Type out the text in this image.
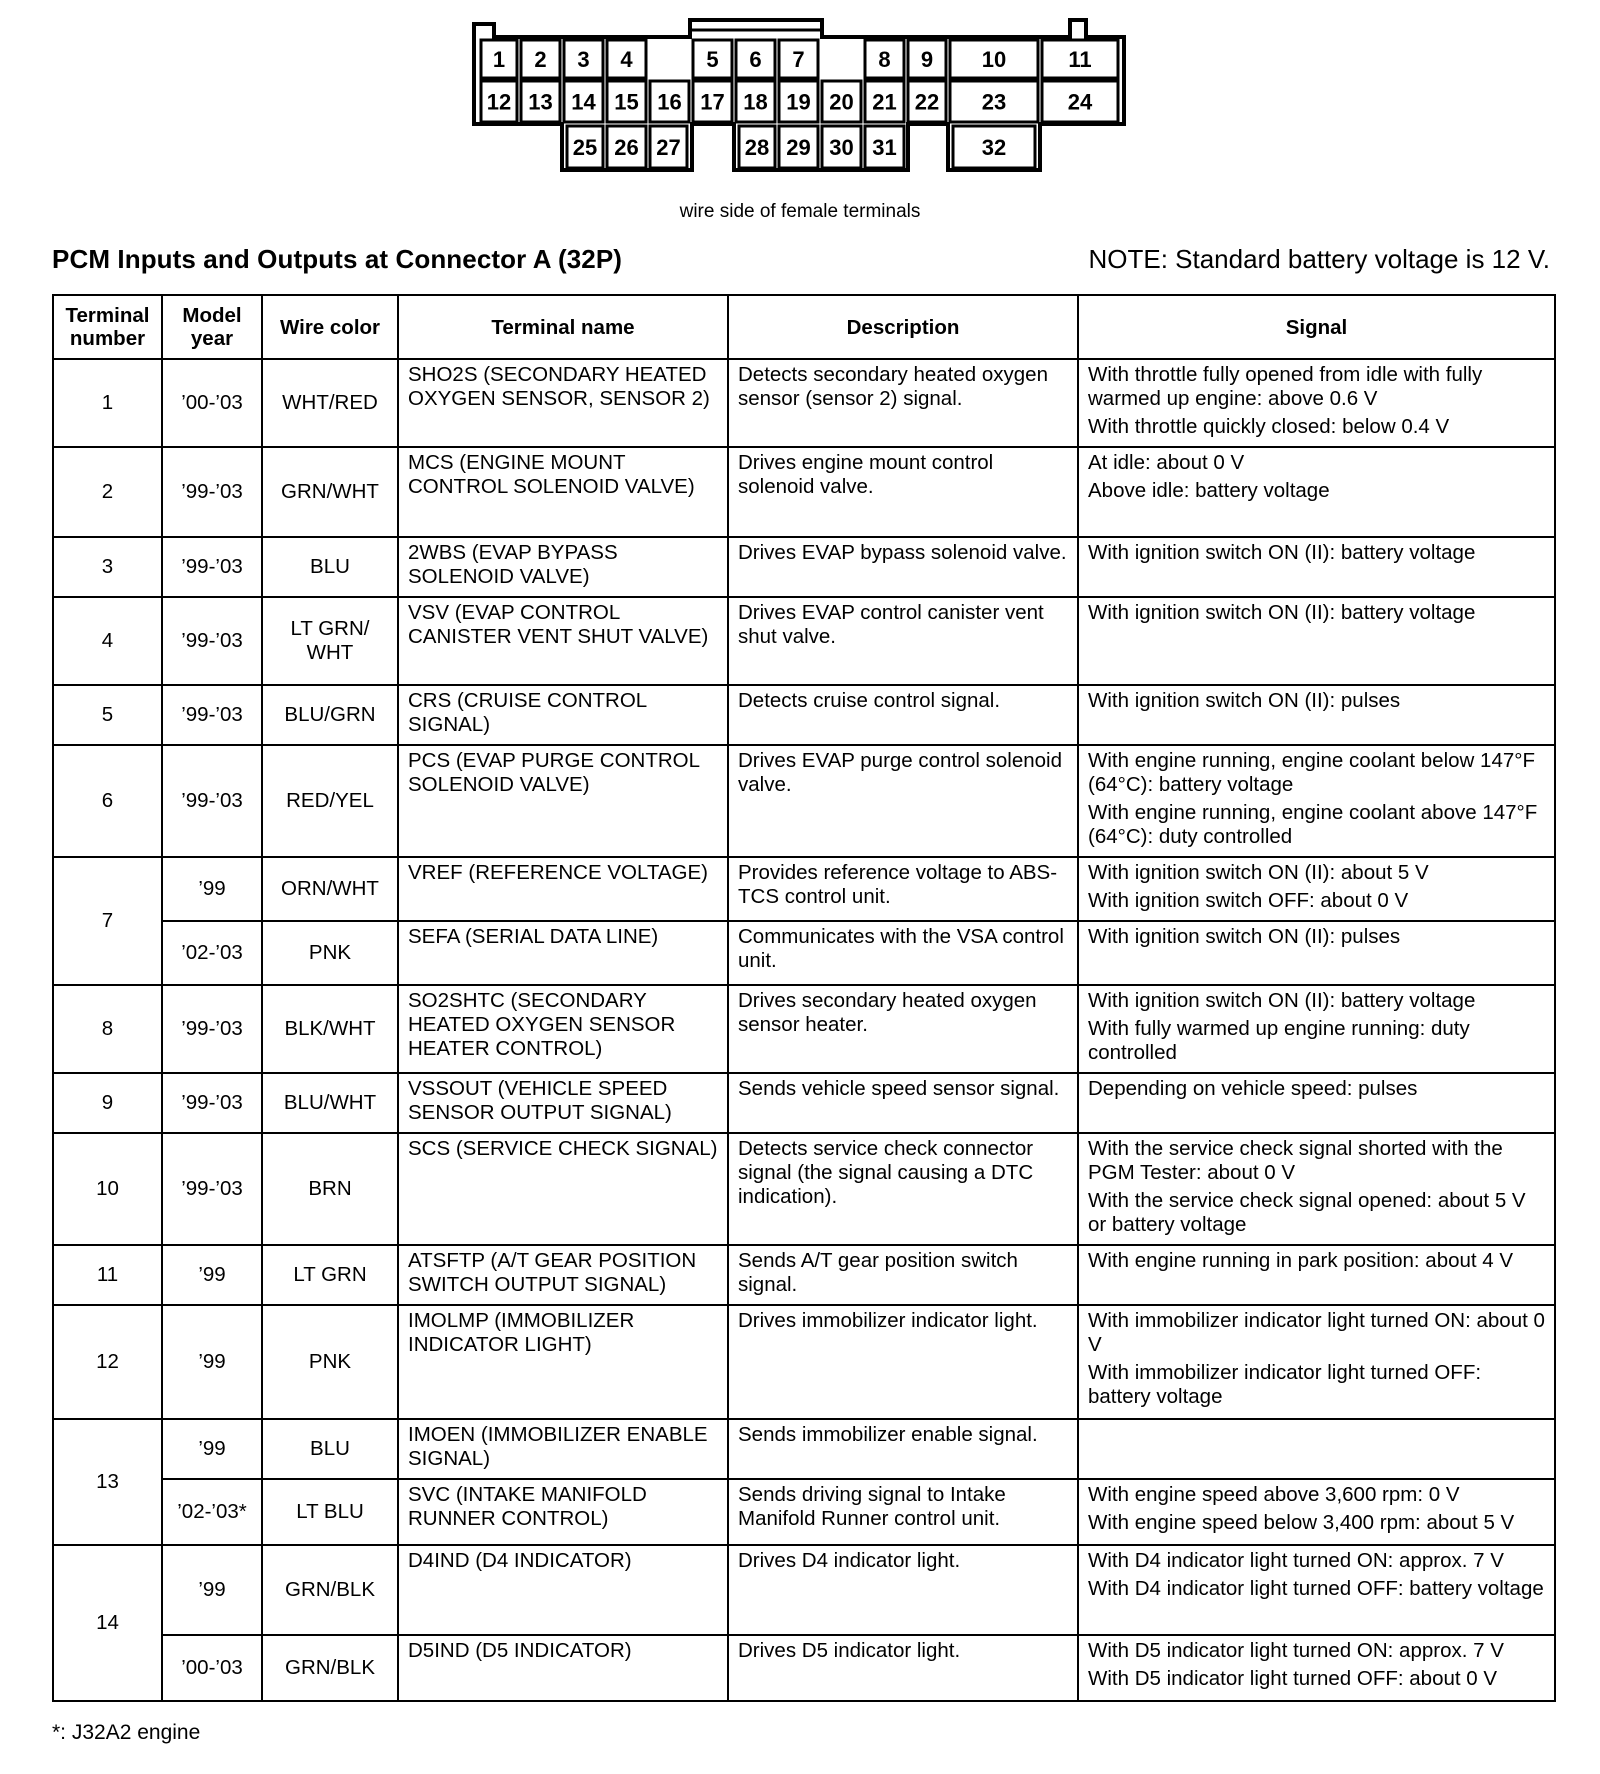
1 2 3 4	5 6 7	8 9 10	11
12 13 14 15 16 17 18 19 20 21 22 23	24
25 26 27	28 29 30 31	32
wire side of female terminals
PCM Inputs and Outputs at Connector A (32P)	NOTE: Standard battery voltage is 12 V.
Terminal number	Model year	Wire color	Terminal name	Description	Signal
1	’00-’03	WHT/RED	SHO2S (SECONDARY HEATED OXYGEN SENSOR, SENSOR 2)	Detects secondary heated oxygen sensor (sensor 2) signal.	With throttle fully opened from idle with fully warmed up engine: above 0.6 V
With throttle quickly closed: below 0.4 V

2	’99-’03	GRN/WHT	MCS (ENGINE MOUNT CONTROL SOLENOID VALVE)	Drives engine mount control solenoid valve.	At idle: about 0 V
Above idle: battery voltage

3	’99-’03	BLU	2WBS (EVAP BYPASS SOLENOID VALVE)	Drives EVAP bypass solenoid valve.	With ignition switch ON (II): battery voltage

4	’99-’03	LT GRN/ WHT	VSV (EVAP CONTROL CANISTER VENT SHUT VALVE)	Drives EVAP control canister vent shut valve.	With ignition switch ON (II): battery voltage

5	’99-’03	BLU/GRN	CRS (CRUISE CONTROL SIGNAL)	Detects cruise control signal.	With ignition switch ON (II): pulses

6	’99-’03	RED/YEL	PCS (EVAP PURGE CONTROL SOLENOID VALVE)	Drives EVAP purge control solenoid valve.	With engine running, engine coolant below 147°F (64°C): battery voltage
With engine running, engine coolant above 147°F (64°C): duty controlled

7	’99	ORN/WHT	VREF (REFERENCE VOLTAGE)	Provides reference voltage to ABS-TCS control unit.	With ignition switch ON (II): about 5 V
With ignition switch OFF: about 0 V

	’02-’03	PNK	SEFA (SERIAL DATA LINE)	Communicates with the VSA control unit.	With ignition switch ON (II): pulses

8	’99-’03	BLK/WHT	SO2SHTC (SECONDARY HEATED OXYGEN SENSOR HEATER CONTROL)	Drives secondary heated oxygen sensor heater.	With ignition switch ON (II): battery voltage
With fully warmed up engine running: duty controlled

9	’99-’03	BLU/WHT	VSSOUT (VEHICLE SPEED SENSOR OUTPUT SIGNAL)	Sends vehicle speed sensor signal.	Depending on vehicle speed: pulses

10	’99-’03	BRN	SCS (SERVICE CHECK SIGNAL)	Detects service check connector signal (the signal causing a DTC indication).	With the service check signal shorted with the PGM Tester: about 0 V
With the service check signal opened: about 5 V or battery voltage

11	’99	LT GRN	ATSFTP (A/T GEAR POSITION SWITCH OUTPUT SIGNAL)	Sends A/T gear position switch signal.	With engine running in park position: about 4 V

12	’99	PNK	IMOLMP (IMMOBILIZER INDICATOR LIGHT)	Drives immobilizer indicator light.	With immobilizer indicator light turned ON: about 0 V
With immobilizer indicator light turned OFF: battery voltage

13	’99	BLU	IMOEN (IMMOBILIZER ENABLE SIGNAL)	Sends immobilizer enable signal.	
	’02-’03*	LT BLU	SVC (INTAKE MANIFOLD RUNNER CONTROL)	Sends driving signal to Intake Manifold Runner control unit.	With engine speed above 3,600 rpm: 0 V
With engine speed below 3,400 rpm: about 5 V

14	’99	GRN/BLK	D4IND (D4 INDICATOR)	Drives D4 indicator light.	With D4 indicator light turned ON: approx. 7 V
With D4 indicator light turned OFF: battery voltage

	’00-’03	GRN/BLK	D5IND (D5 INDICATOR)	Drives D5 indicator light.	With D5 indicator light turned ON: approx. 7 V
With D5 indicator light turned OFF: about 0 V
*: J32A2 engine
